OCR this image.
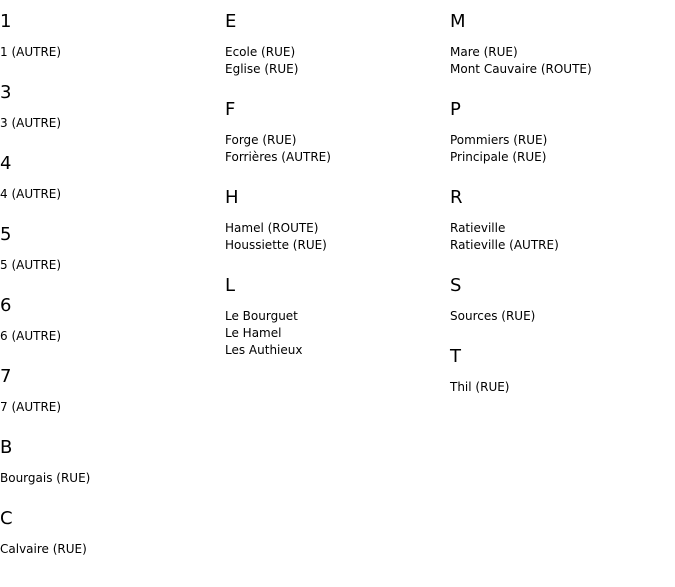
1
1 (AUTRE)
3
3 (AUTRE)
4
4 (AUTRE)
5
5 (AUTRE)
6
6 (AUTRE)
7
7 (AUTRE)
B
Bourgais (RUE)
C
Calvaire (RUE)
E
Ecole (RUE)
Eglise (RUE)
F
Forge (RUE)
Forrières (AUTRE)
H
Hamel (ROUTE)
Houssiette (RUE)
L
Le Bourguet
Le Hamel
Les Authieux
M
Mare (RUE)
Mont Cauvaire (ROUTE)
P
Pommiers (RUE)
Principale (RUE)
R
Ratieville
Ratieville (AUTRE)
S
Sources (RUE)
T
Thil (RUE)
